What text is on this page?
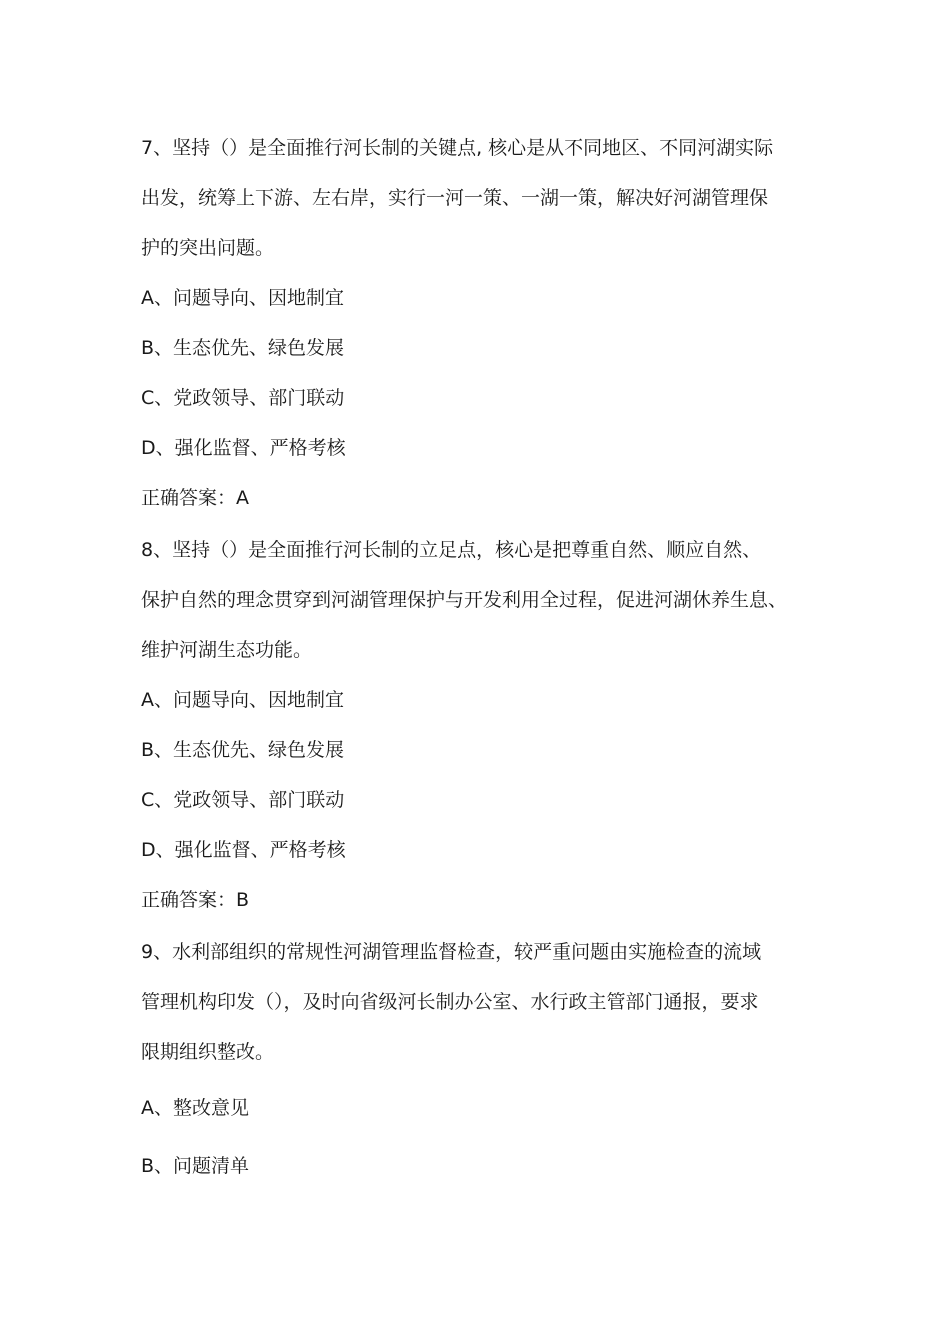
7、坚持（）是全面推行河长制的关键点, 核心是从不同地区、不同河湖实际
出发，统筹上下游、左右岸，实行一河一策、一湖一策，解决好河湖管理保
护的突出问题。
A、问题导向、因地制宜
B、生态优先、绿色发展
C、党政领导、部门联动
D、强化监督、严格考核
正确答案：A
8、坚持（）是全面推行河长制的立足点，核心是把尊重自然、顺应自然、
保护自然的理念贯穿到河湖管理保护与开发利用全过程，促进河湖休养生息、
维护河湖生态功能。
A、问题导向、因地制宜
B、生态优先、绿色发展
C、党政领导、部门联动
D、强化监督、严格考核
正确答案：B
9、水利部组织的常规性河湖管理监督检查，较严重问题由实施检查的流域
管理机构印发（），及时向省级河长制办公室、水行政主管部门通报，要求
限期组织整改。
A、整改意见
B、问题清单
